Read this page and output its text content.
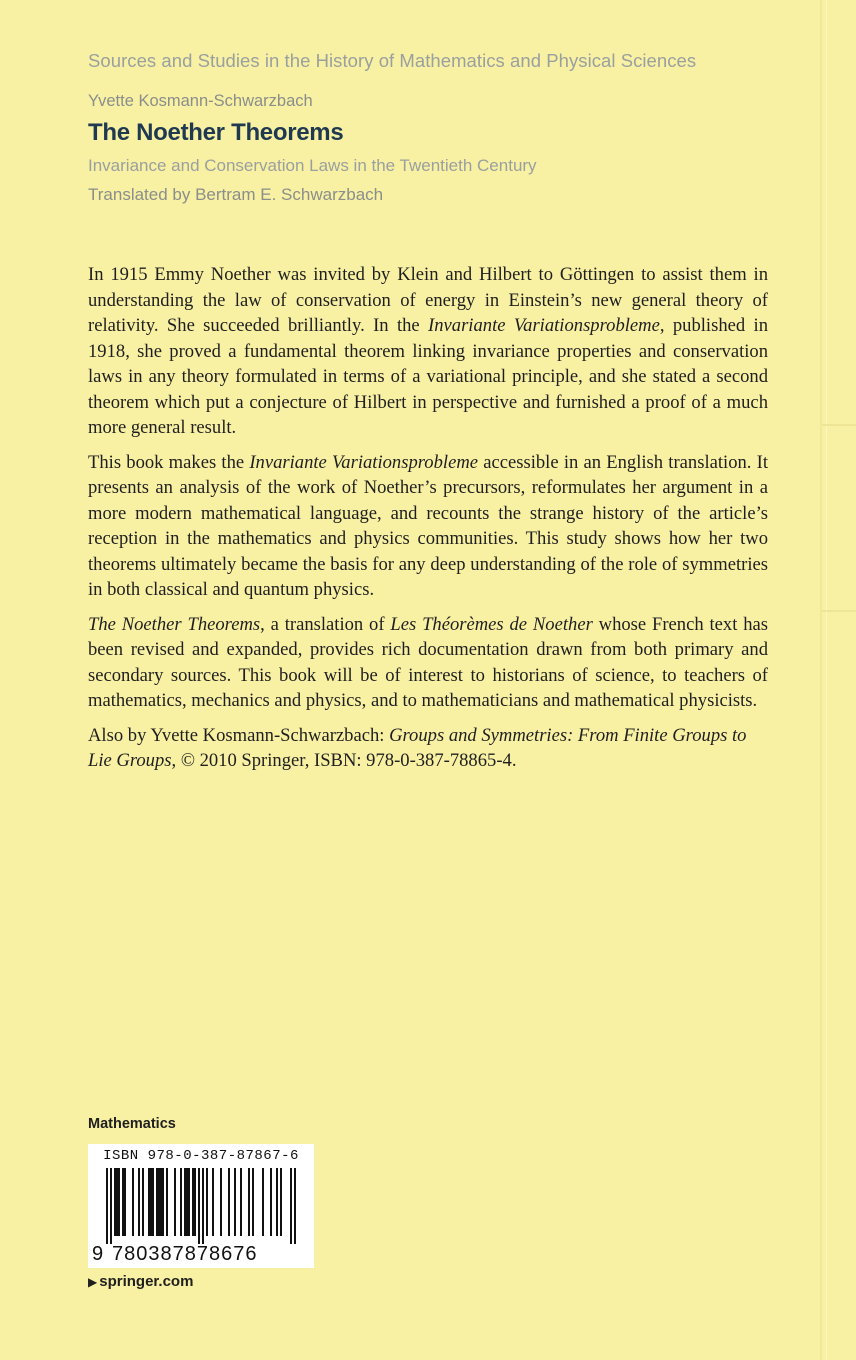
Sources and Studies in the History of Mathematics and Physical Sciences
Yvette Kosmann-Schwarzbach
The Noether Theorems
Invariance and Conservation Laws in the Twentieth Century
Translated by Bertram E. Schwarzbach

In 1915 Emmy Noether was invited by Klein and Hilbert to Göttingen to assist them in understanding the law of conservation of energy in Einstein’s new general theory of relativity. She succeeded brilliantly. In the Invariante Variationsprobleme, published in 1918, she proved a fundamental theorem linking invariance properties and conservation laws in any theory formulated in terms of a variational principle, and she stated a second theorem which put a conjecture of Hilbert in perspective and furnished a proof of a much more general result.

This book makes the Invariante Variationsprobleme accessible in an English translation. It presents an analysis of the work of Noether’s precursors, reformulates her argument in a more modern mathematical language, and recounts the strange history of the article’s reception in the mathematics and physics communities. This study shows how her two theorems ultimately became the basis for any deep understanding of the role of symmetries in both classical and quantum physics.

The Noether Theorems, a translation of Les Théorèmes de Noether whose French text has been revised and expanded, provides rich documentation drawn from both primary and secondary sources. This book will be of interest to historians of science, to teachers of mathematics, mechanics and physics, and to mathematicians and mathematical physicists.

Also by Yvette Kosmann-Schwarzbach: Groups and Symmetries: From Finite Groups to Lie Groups, © 2010 Springer, ISBN: 978-0-387-78865-4.

Mathematics
ISBN 978-0-387-87867-6
9 780387878676
▶ springer.com
